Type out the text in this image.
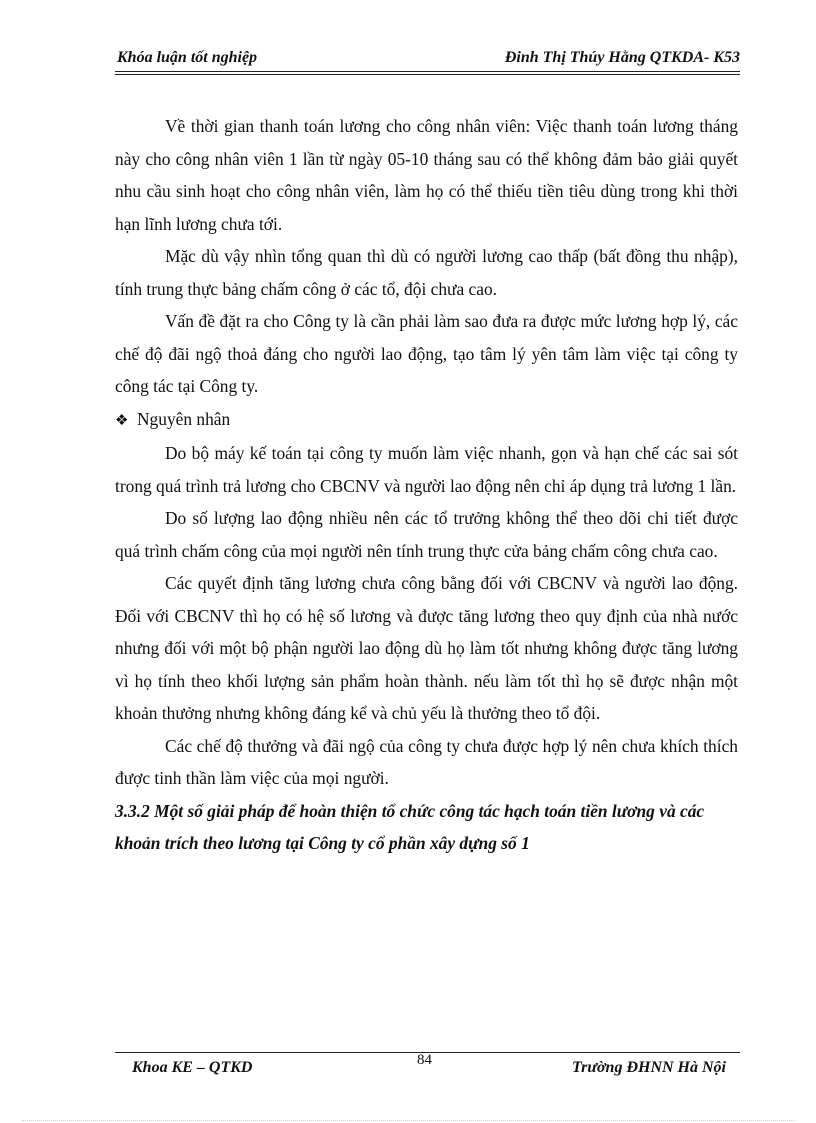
Khóa luận tốt nghiệp	Đinh Thị Thúy Hằng QTKDA- K53

Về thời gian thanh toán lương cho công nhân viên: Việc thanh toán lương tháng này cho công nhân viên 1 lần từ ngày 05-10 tháng sau có thể không đảm bảo giải quyết nhu cầu sinh hoạt cho công nhân viên, làm họ có thể thiếu tiền tiêu dùng trong khi thời hạn lĩnh lương chưa tới.

Mặc dù vậy nhìn tổng quan thì dù có người lương cao thấp (bất đồng thu nhập), tính trung thực bảng chấm công ở các tổ, đội chưa cao.

Vấn đề đặt ra cho Công ty là cần phải làm sao đưa ra được mức lương hợp lý, các chế độ đãi ngộ thoả đáng cho người lao động, tạo tâm lý yên tâm làm việc tại công ty công tác tại Công ty.

❖ Nguyên nhân

Do bộ máy kế toán tại công ty muốn làm việc nhanh, gọn và hạn chế các sai sót trong quá trình trả lương cho CBCNV và người lao động nên chỉ áp dụng trả lương 1 lần.

Do số lượng lao động nhiều nên các tổ trưởng không thể theo dõi chi tiết được quá trình chấm công của mọi người nên tính trung thực cửa bảng chấm công chưa cao.

Các quyết định tăng lương chưa công bằng đối với CBCNV và người lao động. Đối với CBCNV thì họ có hệ số lương và được tăng lương theo quy định của nhà nước nhưng đối với một bộ phận người lao động dù họ làm tốt nhưng không được tăng lương vì họ tính theo khối lượng sản phẩm hoàn thành. nếu làm tốt thì họ sẽ được nhận một khoản thưởng nhưng không đáng kể và chủ yếu là thưởng theo tổ đội.

Các chế độ thưởng và đãi ngộ của công ty chưa được hợp lý nên chưa khích thích được tinh thần làm việc của mọi người.

3.3.2 Một số giải pháp để hoàn thiện tổ chức công tác hạch toán tiền lương và các khoản trích theo lương tại Công ty cổ phần xây dựng số 1

Khoa KE – QTKD	84	Trường ĐHNN Hà Nội
